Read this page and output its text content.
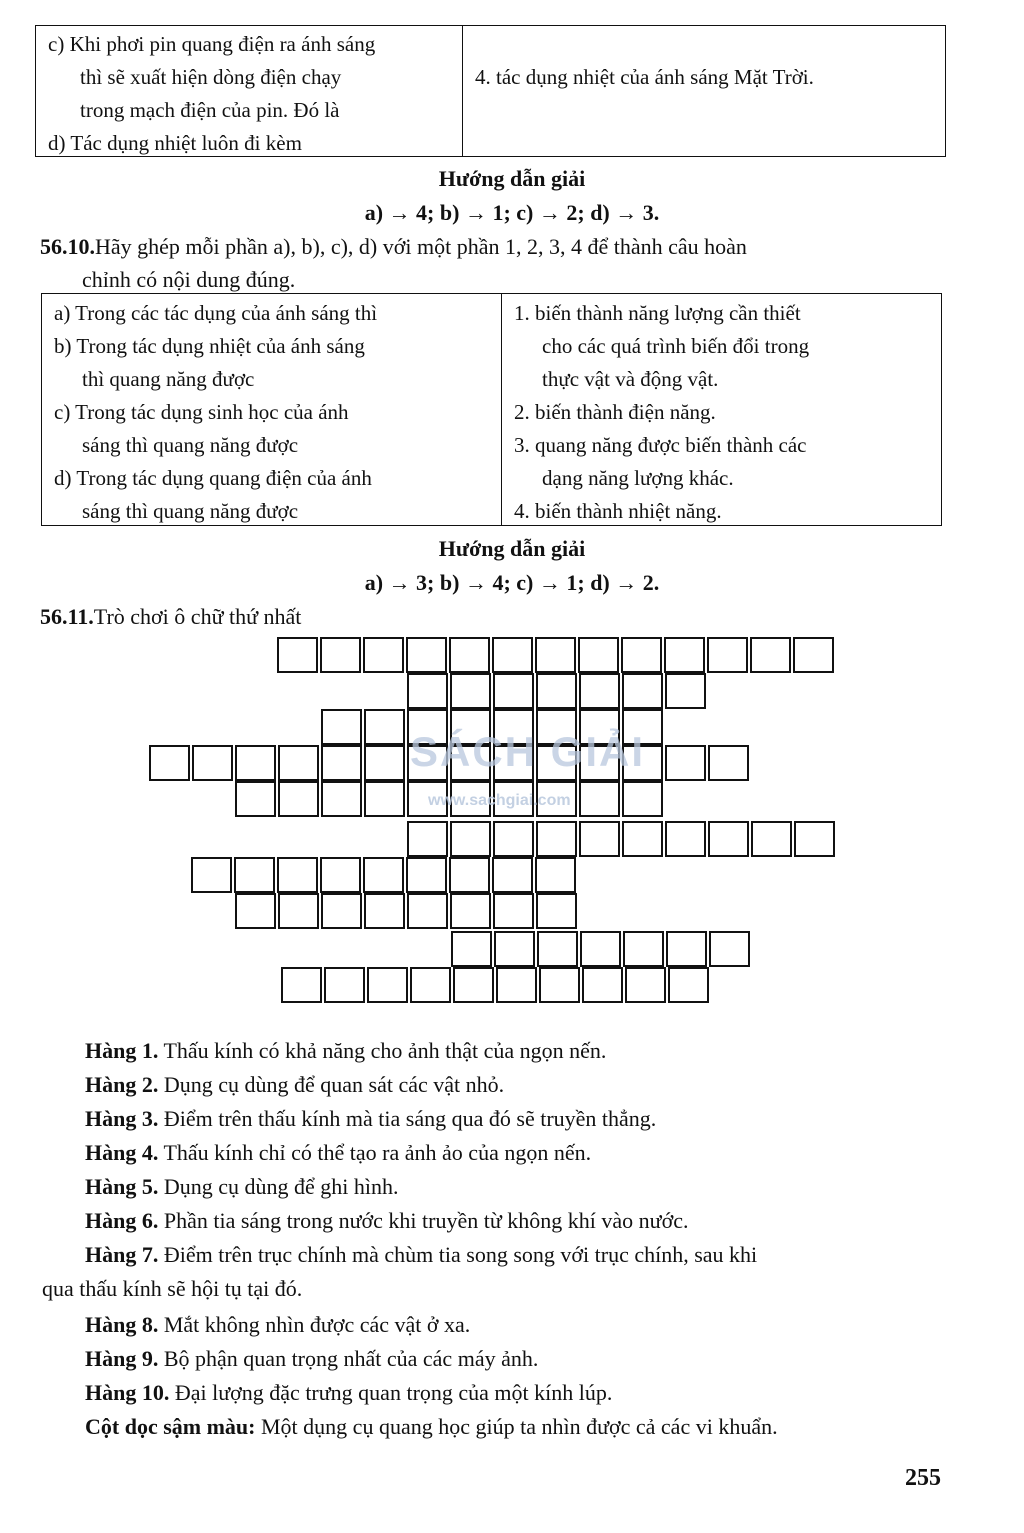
c) Khi phơi pin quang điện ra ánh sáng
thì sẽ xuất hiện dòng điện chạy
trong mạch điện của pin. Đó là
d) Tác dụng nhiệt luôn đi kèm
4. tác dụng nhiệt của ánh sáng Mặt Trời.
Hướng dẫn giải
a) → 4; b) → 1; c) → 2; d) → 3.
56.10.Hãy ghép mỗi phần a), b), c), d) với một phần 1, 2, 3, 4 để thành câu hoàn
chỉnh có nội dung đúng.
a) Trong các tác dụng của ánh sáng thì
b) Trong tác dụng nhiệt của ánh sáng
thì quang năng được
c) Trong tác dụng sinh học của ánh
sáng thì quang năng được
d) Trong tác dụng quang điện của ánh
sáng thì quang năng được
1. biến thành năng lượng cần thiết
cho các quá trình biến đổi trong
thực vật và động vật.
2. biến thành điện năng.
3. quang năng được biến thành các
dạng năng lượng khác.
4. biến thành nhiệt năng.
Hướng dẫn giải
a) → 3; b) → 4; c) → 1; d) → 2.
56.11.Trò chơi ô chữ thứ nhất
SÁCH GIẢI
www.sachgiai.com
Hàng 1. Thấu kính có khả năng cho ảnh thật của ngọn nến.
Hàng 2. Dụng cụ dùng để quan sát các vật nhỏ.
Hàng 3. Điểm trên thấu kính mà tia sáng qua đó sẽ truyền thẳng.
Hàng 4. Thấu kính chỉ có thể tạo ra ảnh ảo của ngọn nến.
Hàng 5. Dụng cụ dùng để ghi hình.
Hàng 6. Phần tia sáng trong nước khi truyền từ không khí vào nước.
Hàng 7. Điểm trên trục chính mà chùm tia song song với trục chính, sau khi
qua thấu kính sẽ hội tụ tại đó.
Hàng 8. Mắt không nhìn được các vật ở xa.
Hàng 9. Bộ phận quan trọng nhất của các máy ảnh.
Hàng 10. Đại lượng đặc trưng quan trọng của một kính lúp.
Cột dọc sậm màu: Một dụng cụ quang học giúp ta nhìn được cả các vi khuẩn.
255
